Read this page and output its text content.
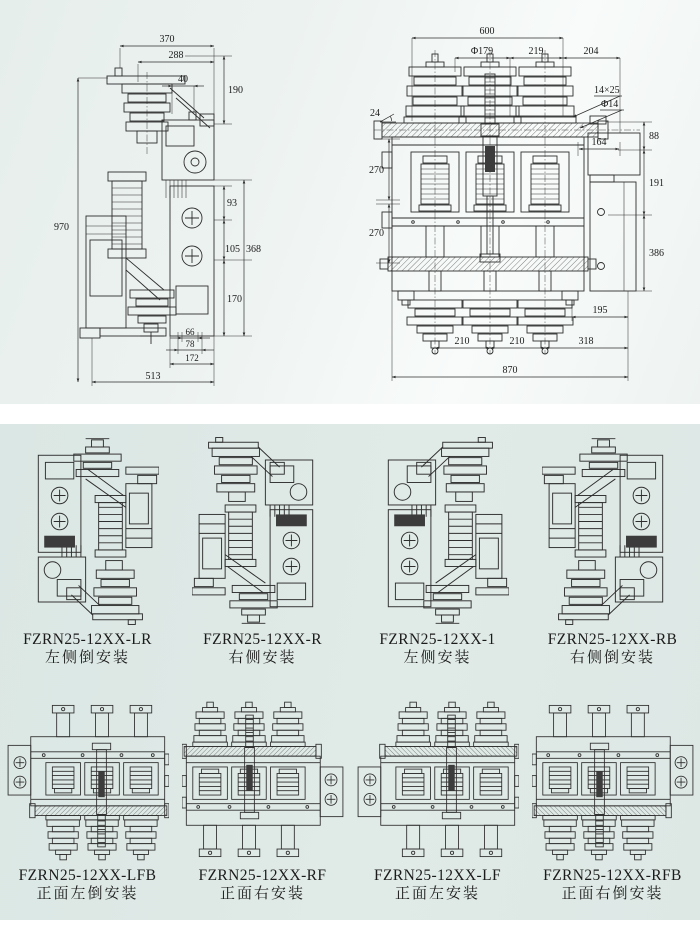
370
288
190
40
970
93
105 368
170
66
78
172
513
600
Φ179	219	204
14×25
Φ14
24
88
164
191
386
270
270
195
210	210	318
870
FZRN25-12XX-LR
左侧倒安装
FZRN25-12XX-R
右侧安装
FZRN25-12XX-1
左侧安装
FZRN25-12XX-RB
右侧倒安装
FZRN25-12XX-LFB
正面左倒安装
FZRN25-12XX-RF
正面右安装
FZRN25-12XX-LF
正面左安装
FZRN25-12XX-RFB
正面右倒安装
